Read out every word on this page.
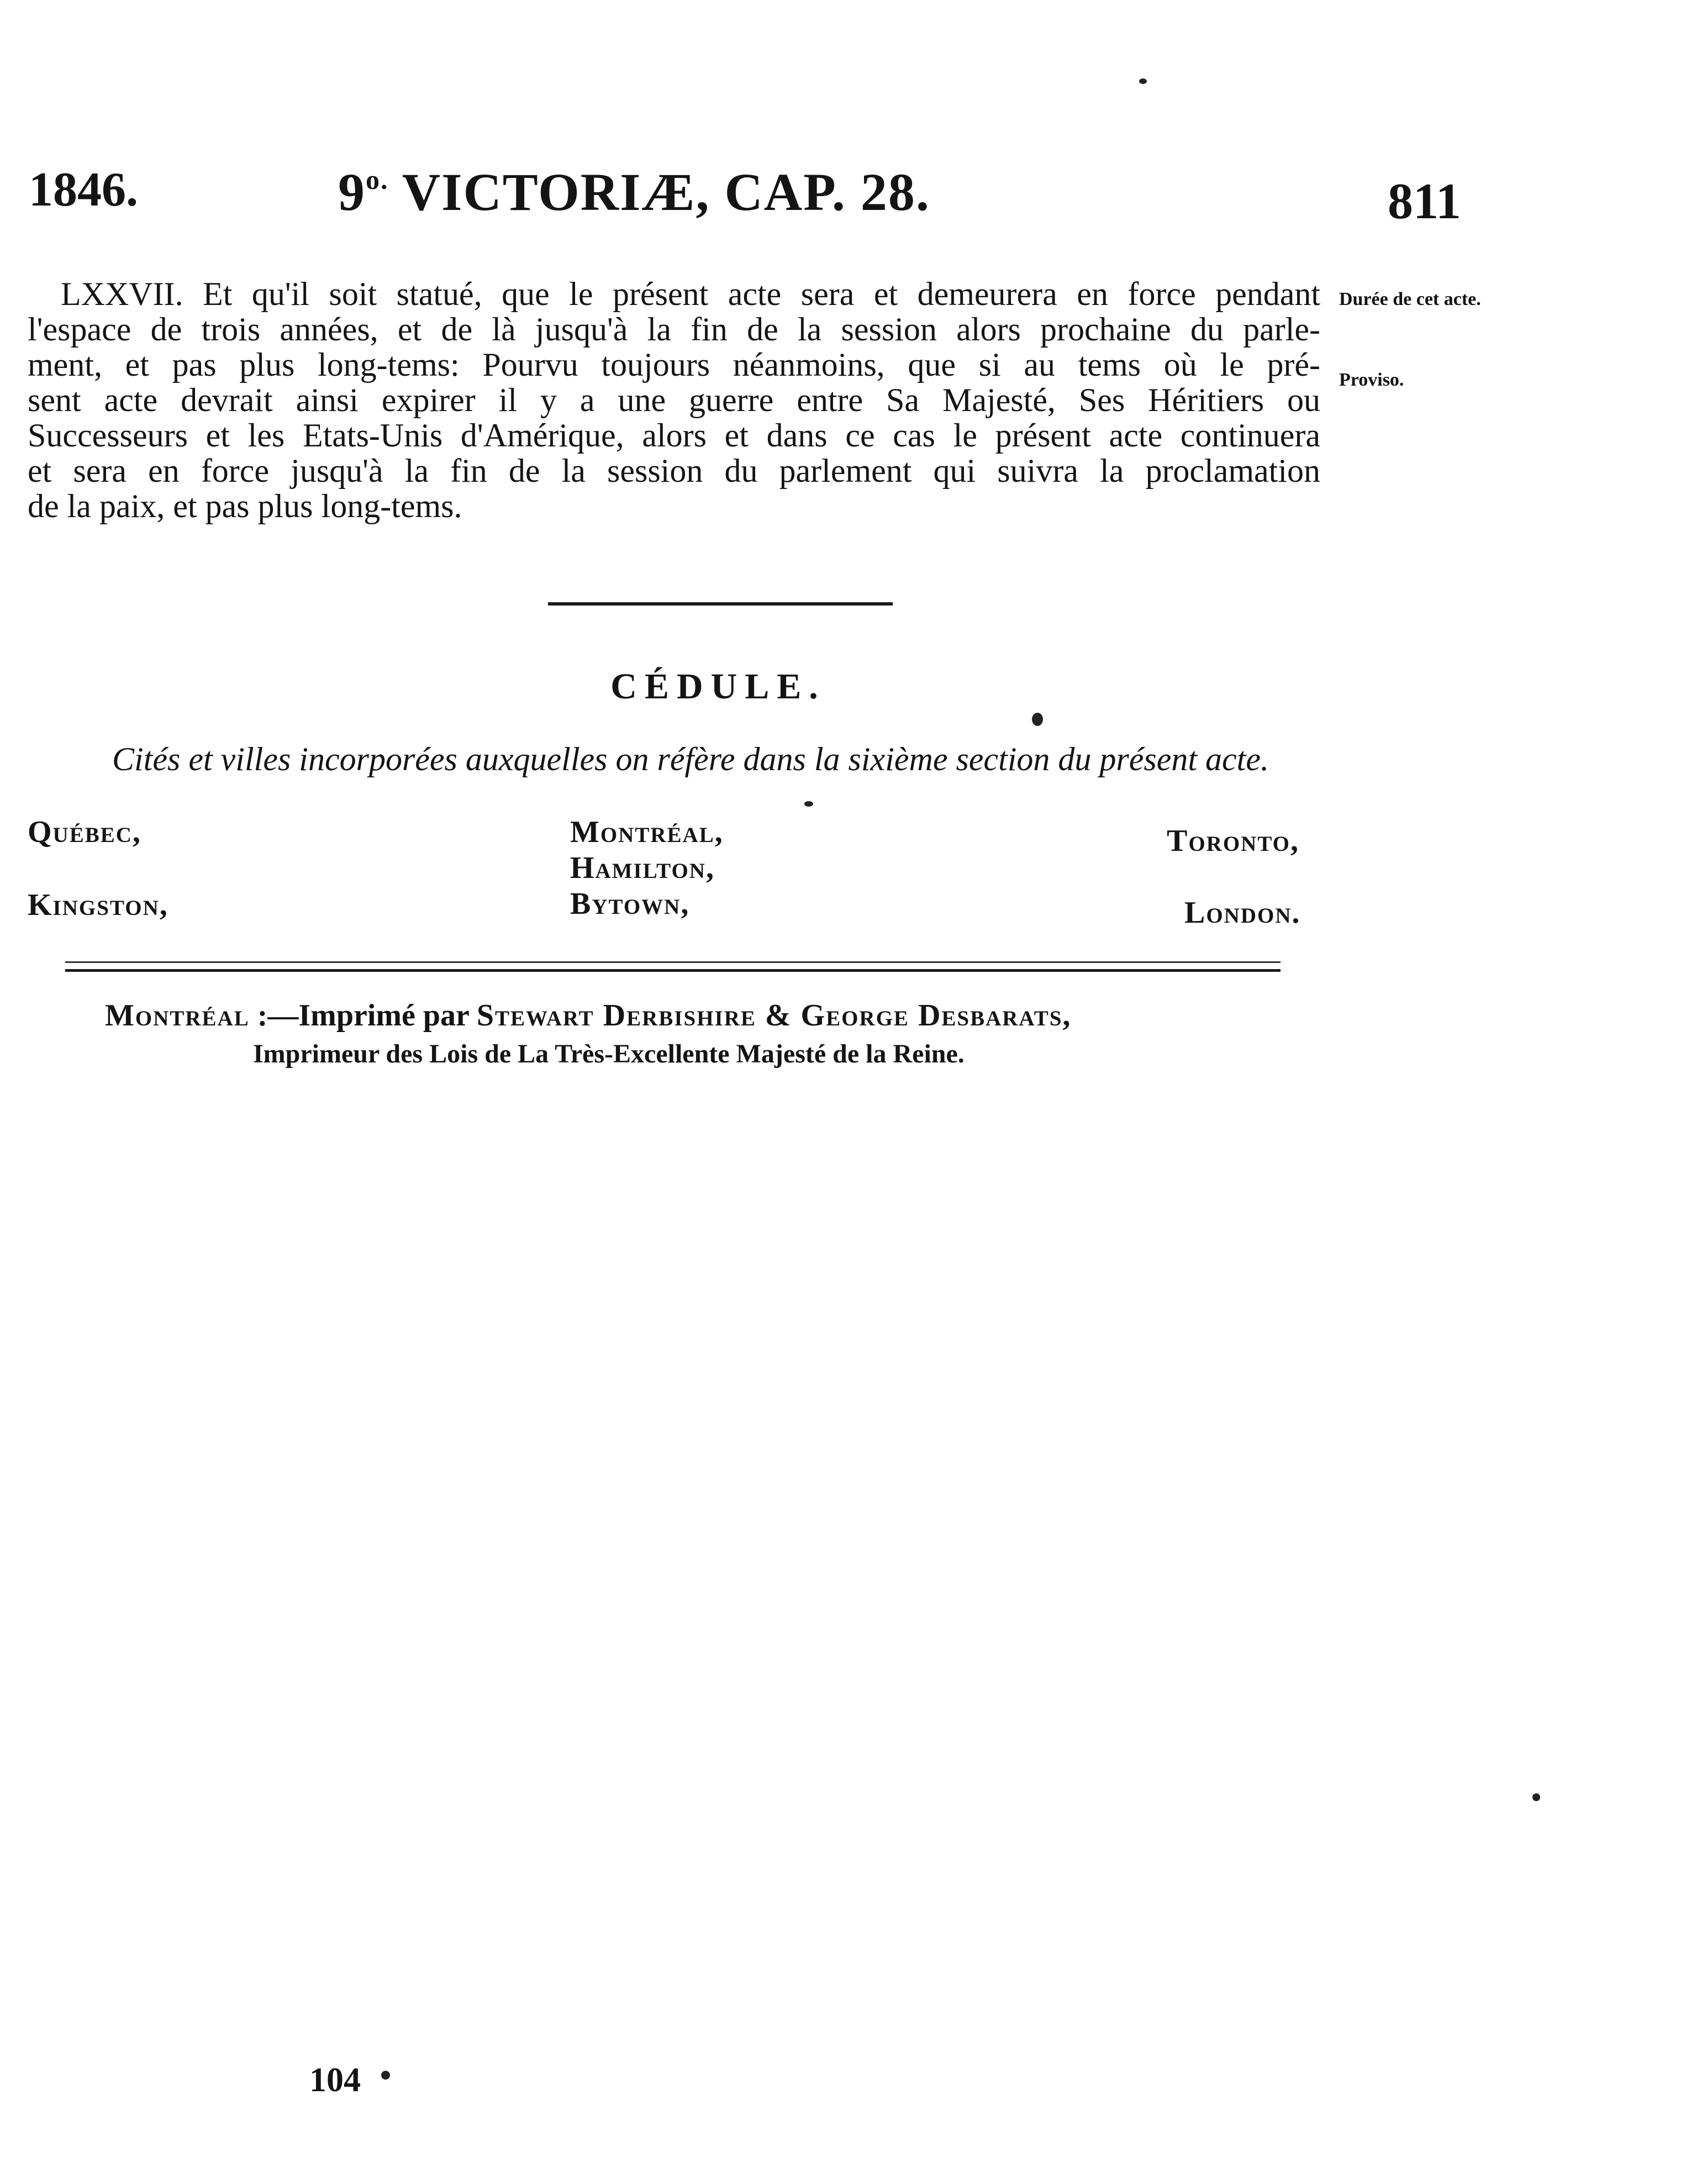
1846.	$9^{o.}$ VICTORIÆ, CAP. 28.	811
LXXVII. Et qu'il soit statué, que le présent acte sera et demeurera en force pendant
l'espace de trois années, et de là jusqu'à la fin de la session alors prochaine du parle-
ment, et pas plus long-tems: Pourvu toujours néanmoins, que si au tems où le pré-
sent acte devrait ainsi expirer il y a une guerre entre Sa Majesté, Ses Héritiers ou
Successeurs et les Etats-Unis d'Amérique, alors et dans ce cas le présent acte continuera
et sera en force jusqu'à la fin de la session du parlement qui suivra la proclamation
de la paix, et pas plus long-tems.
Durée de cet acte.
Proviso.
CÉDULE.
Cités et villes incorporées auxquelles on réfère dans la sixième section du présent acte.
Québec,
Kingston,
Montréal,
Hamilton,
Bytown,
Toronto,
London.
Montréal :—Imprimé par Stewart Derbishire & George Desbarats,
Imprimeur des Lois de La Très-Excellente Majesté de la Reine.
104
